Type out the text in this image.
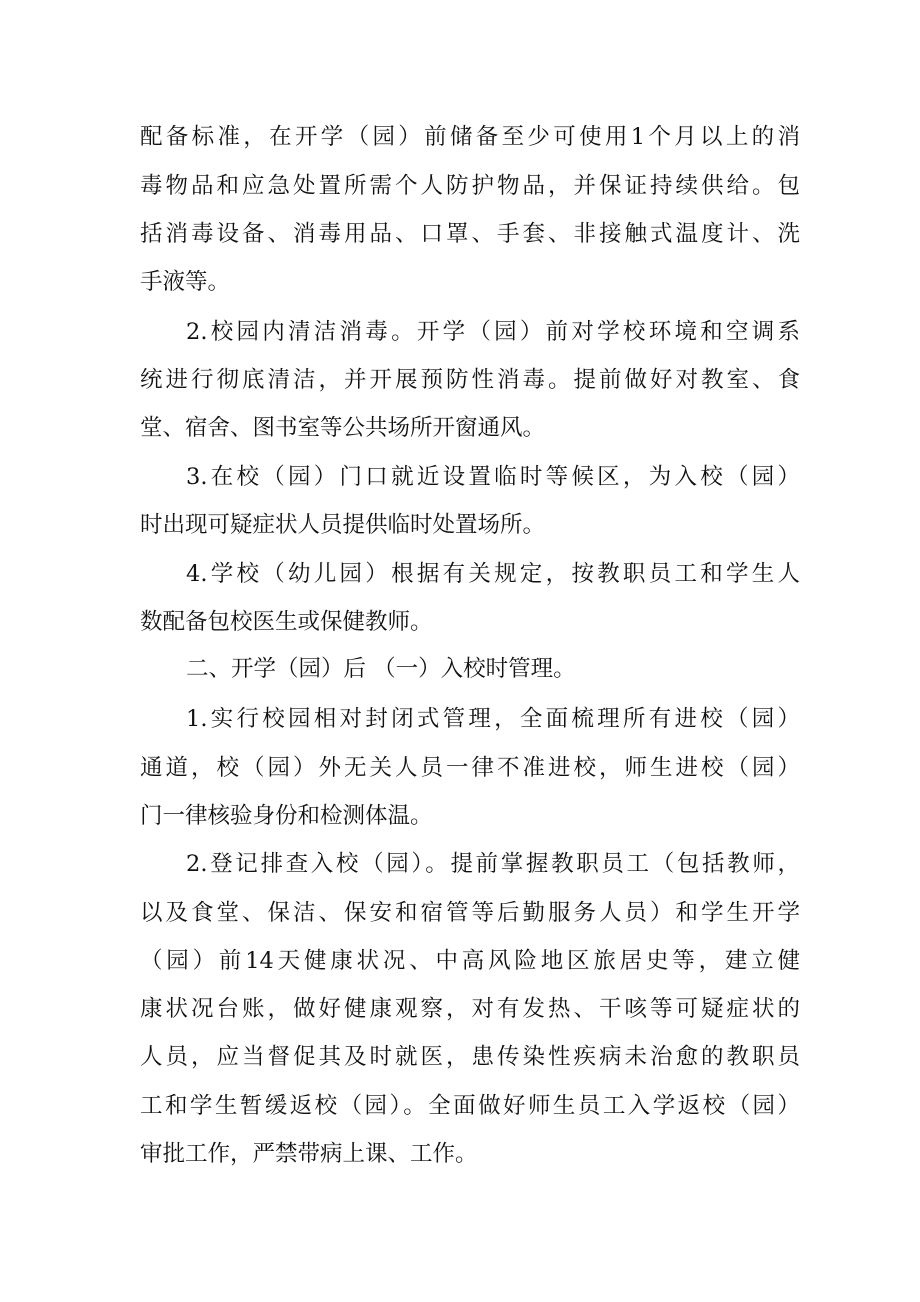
配备标准，在开学（园）前储备至少可使用1个月以上的消
毒物品和应急处置所需个人防护物品，并保证持续供给。包
括消毒设备、消毒用品、口罩、手套、非接触式温度计、洗
手液等。
2.校园内清洁消毒。开学（园）前对学校环境和空调系
统进行彻底清洁，并开展预防性消毒。提前做好对教室、食
堂、宿舍、图书室等公共场所开窗通风。
3.在校（园）门口就近设置临时等候区，为入校（园）
时出现可疑症状人员提供临时处置场所。
4.学校（幼儿园）根据有关规定，按教职员工和学生人
数配备包校医生或保健教师。
二、开学（园）后 （一）入校时管理。
1.实行校园相对封闭式管理，全面梳理所有进校（园）
通道，校（园）外无关人员一律不准进校，师生进校（园）
门一律核验身份和检测体温。
2.登记排查入校（园）。提前掌握教职员工（包括教师，
以及食堂、保洁、保安和宿管等后勤服务人员）和学生开学
（园）前14天健康状况、中高风险地区旅居史等，建立健
康状况台账，做好健康观察，对有发热、干咳等可疑症状的
人员，应当督促其及时就医，患传染性疾病未治愈的教职员
工和学生暂缓返校（园）。全面做好师生员工入学返校（园）
审批工作，严禁带病上课、工作。
